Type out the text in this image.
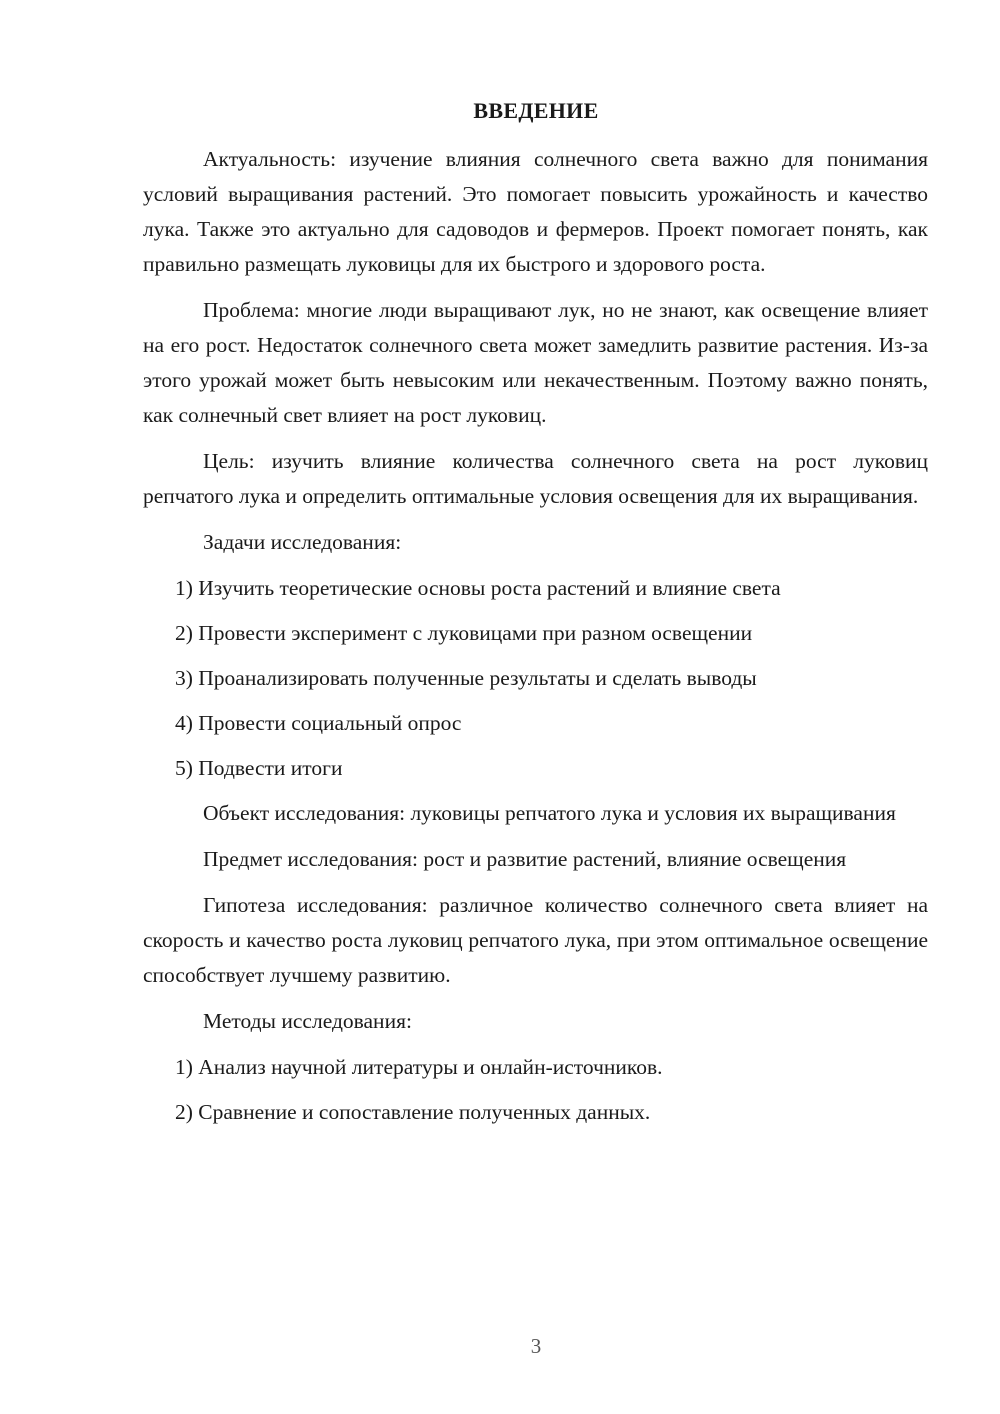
ВВЕДЕНИЕ

Актуальность: изучение влияния солнечного света важно для понимания условий выращивания растений. Это помогает повысить урожайность и качество лука. Также это актуально для садоводов и фермеров. Проект помогает понять, как правильно размещать луковицы для их быстрого и здорового роста.

Проблема: многие люди выращивают лук, но не знают, как освещение влияет на его рост. Недостаток солнечного света может замедлить развитие растения. Из-за этого урожай может быть невысоким или некачественным. Поэтому важно понять, как солнечный свет влияет на рост луковиц.

Цель: изучить влияние количества солнечного света на рост луковиц репчатого лука и определить оптимальные условия освещения для их выращивания.

Задачи исследования:

1) Изучить теоретические основы роста растений и влияние света
2) Провести эксперимент с луковицами при разном освещении
3) Проанализировать полученные результаты и сделать выводы
4) Провести социальный опрос
5) Подвести итоги

Объект исследования: луковицы репчатого лука и условия их выращивания

Предмет исследования: рост и развитие растений, влияние освещения

Гипотеза исследования: различное количество солнечного света влияет на скорость и качество роста луковиц репчатого лука, при этом оптимальное освещение способствует лучшему развитию.

Методы исследования:

1) Анализ научной литературы и онлайн-источников.
2) Сравнение и сопоставление полученных данных.
3
